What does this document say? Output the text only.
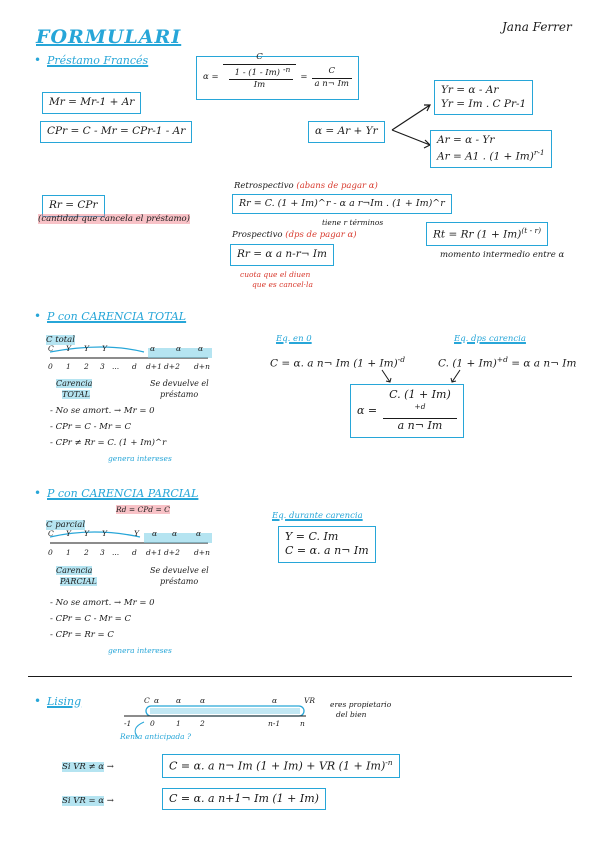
FORMULARI	Jana Ferrer
• Préstamo Francés
α = C
1 - (1 - Im) $^{-n}$
$Im = \frac{C}{\text{a n¬ Im}}$
Mr = Mr-1 + Ar
CPr = C - Mr = CPr-1 - Ar	α = Ar + Yr
Yr = α - Ar
Yr = Im . C Pr-1
Ar = α - Yr
Ar = A1 . $(1 + Im)^{r-1}$
Rr = CPr
(cantidad que cancela el préstamo)
Retrospectivo (abans de pagar α)
Rr = C. (1 + Im)^r - α a r¬Im . (1 + Im)^r
tiene r términos
Prospectivo (dps de pagar α)
Rr = α a n-r¬ Im
cuota que el diuen
que es cancel·la
Rt = Rr $(1 + Im)^{(t - r)}$
momento intermedio entre α
• P con CARENCIA TOTAL
C total
C Y Y Y	α	α α
0 1 2 3 ... d d+1 d+2 d+n
Carencia
TOTAL
Se devuelve el
préstamo
- No se amort. → Mr = 0
- CPr = C - Mr = C
- CPr ≠ Rr = C. (1 + Im)^r
genera intereses
Eq. en 0
C = α. a n¬ Im $(1 + Im)^{-d}$
Eq. dps carencia
C. $(1 + Im)^{+d} = \alpha$ a n¬ Im
α = C. (1 + Im)
$^{+d}$
a n¬ Im
• P con CARENCIA PARCIAL
Rd = CPd = C
C parcial
C Y Y Y	Y α α	α
0 1 2 3 ... d d+1 d+2 d+n
Carencia
PARCIAL
Se devuelve el
préstamo
- No se amort. → Mr = 0
- CPr = C - Mr = C
- CPr = Rr = C
genera intereses
Eq. durante carencia
Y = C. Im
C = α. a n¬ Im
• Lising	C α α	α	α	VR
-1 0	1	2	n-1	n
eres propietario
del bien
Renta anticipada ?
Si VR ≠ α →	C = α. a n¬ Im (1 + Im) + VR $(1 + Im)^{-n}$
Si VR = α →	C = α. a n+1¬ Im (1 + Im)
